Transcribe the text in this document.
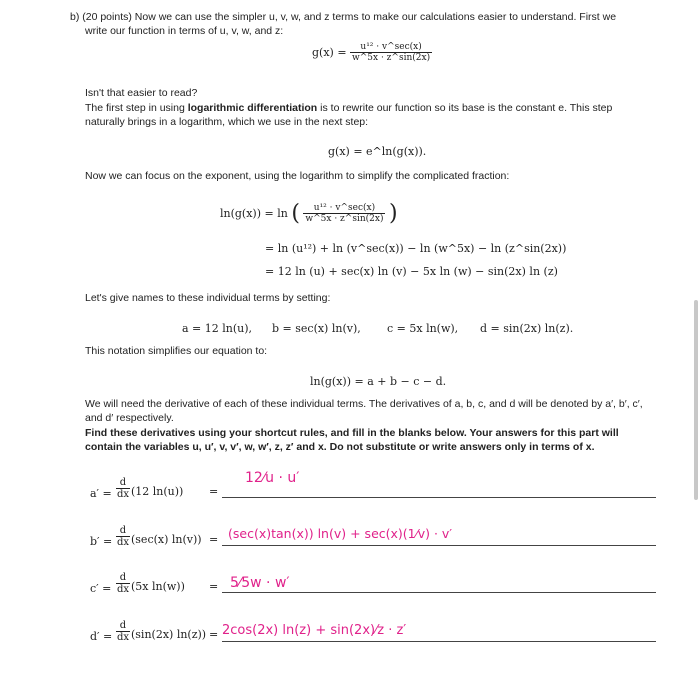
b) (20 points) Now we can use the simpler u, v, w, and z terms to make our calculations easier to understand. First we
write our function in terms of u, v, w, and z:
$g(x) = \frac{\text{u¹² · v\textasciicircum{}sec(x)}}{w\^{}5x \cdot z\^{}\sin(2x)}$
Isn't that easier to read?
The first step in using logarithmic differentiation is to rewrite our function so its base is the constant e. This step
naturally brings in a logarithm, which we use in the next step:
g(x) = e^ln(g(x)).
Now we can focus on the exponent, using the logarithm to simplify the complicated fraction:
ln(g(x)) = ln ( $\frac{\text{u¹² · v\textasciicircum{}sec(x)}}{w\^{}5x \cdot z\^{}\sin(2x)}$ )
= ln (u¹²) + ln (v^sec(x)) − ln (w^5x) − ln (z^sin(2x))
= 12 ln (u) + sec(x) ln (v) − 5x ln (w) − sin(2x) ln (z)
Let's give names to these individual terms by setting:
a = 12 ln(u), b = sec(x) ln(v), c = 5x ln(w), d = sin(2x) ln(z).
This notation simplifies our equation to:
ln(g(x)) = a + b − c − d.
We will need the derivative of each of these individual terms. The derivatives of a, b, c, and d will be denoted by a′, b′, c′,
and d′ respectively.
Find these derivatives using your shortcut rules, and fill in the blanks below. Your answers for this part will
contain the variables u, u′, v, v′, w, w′, z, z′ and x. Do not substitute or write answers only in terms of x.
a′ =
d
dx (12 ln(u)) =
12⁄u · u′
b′ =
d
dx (sec(x) ln(v)) = (sec(x)tan(x)) ln(v) + sec(x)(1⁄v) · v′
c′ =
d
dx (5x ln(w)) = 5⁄5w · w′
d′ =
d
dx (sin(2x) ln(z)) = 2cos(2x) ln(z) + sin(2x)⁄z · z′
